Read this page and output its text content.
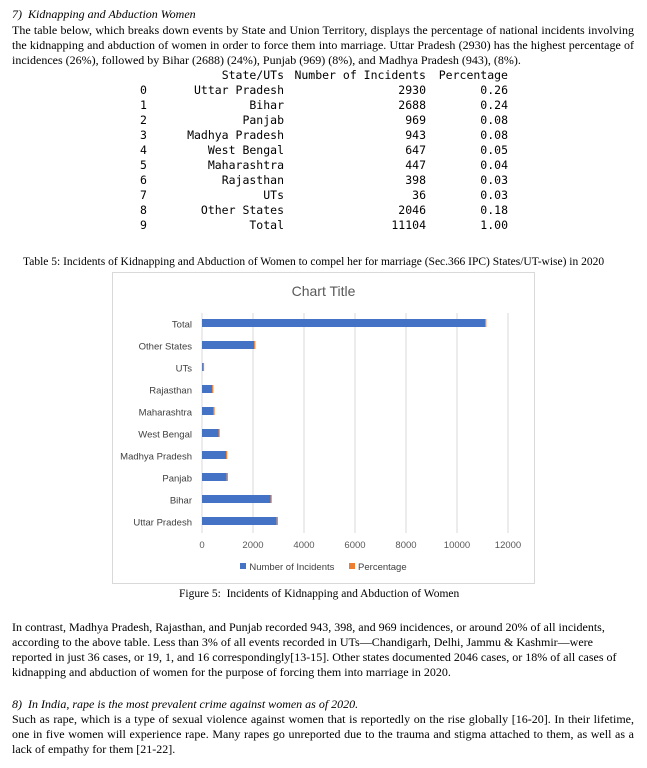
7)  Kidnapping and Abduction Women
The table below, which breaks down events by State and Union Territory, displays the percentage of national incidents involving the kidnapping and abduction of women in order to force them into marriage. Uttar Pradesh (2930) has the highest percentage of incidences (26%), followed by Bihar (2688) (24%), Punjab (969) (8%), and Madhya Pradesh (943), (8%).
	State/UTs	Number of Incidents	Percentage
0	Uttar Pradesh	2930	0.26
1	Bihar	2688	0.24
2	Panjab	969	0.08
3	Madhya Pradesh	943	0.08
4	West Bengal	647	0.05
5	Maharashtra	447	0.04
6	Rajasthan	398	0.03
7	UTs	36	0.03
8	Other States	2046	0.18
9	Total	11104	1.00
Table 5: Incidents of Kidnapping and Abduction of Women to compel her for marriage (Sec.366 IPC) States/UT-wise) in 2020
Chart Title
0	2000	4000	6000	8000	10000	12000
Uttar Pradesh
Bihar
Panjab
Madhya Pradesh
West Bengal
Maharashtra
Rajasthan
UTs
Other States
Total
Number of Incidents Percentage
Figure 5:  Incidents of Kidnapping and Abduction of Women
In contrast, Madhya Pradesh, Rajasthan, and Punjab recorded 943, 398, and 969 incidences, or around 20% of all incidents, according to the above table. Less than 3% of all events recorded in UTs—Chandigarh, Delhi, Jammu & Kashmir—were reported in just 36 cases, or 19, 1, and 16 correspondingly[13-15]. Other states documented 2046 cases, or 18% of all cases of kidnapping and abduction of women for the purpose of forcing them into marriage in 2020.
8)  In India, rape is the most prevalent crime against women as of 2020.
Such as rape, which is a type of sexual violence against women that is reportedly on the rise globally [16-20]. In their lifetime, one in five women will experience rape. Many rapes go unreported due to the trauma and stigma attached to them, as well as a lack of empathy for them [21-22].
